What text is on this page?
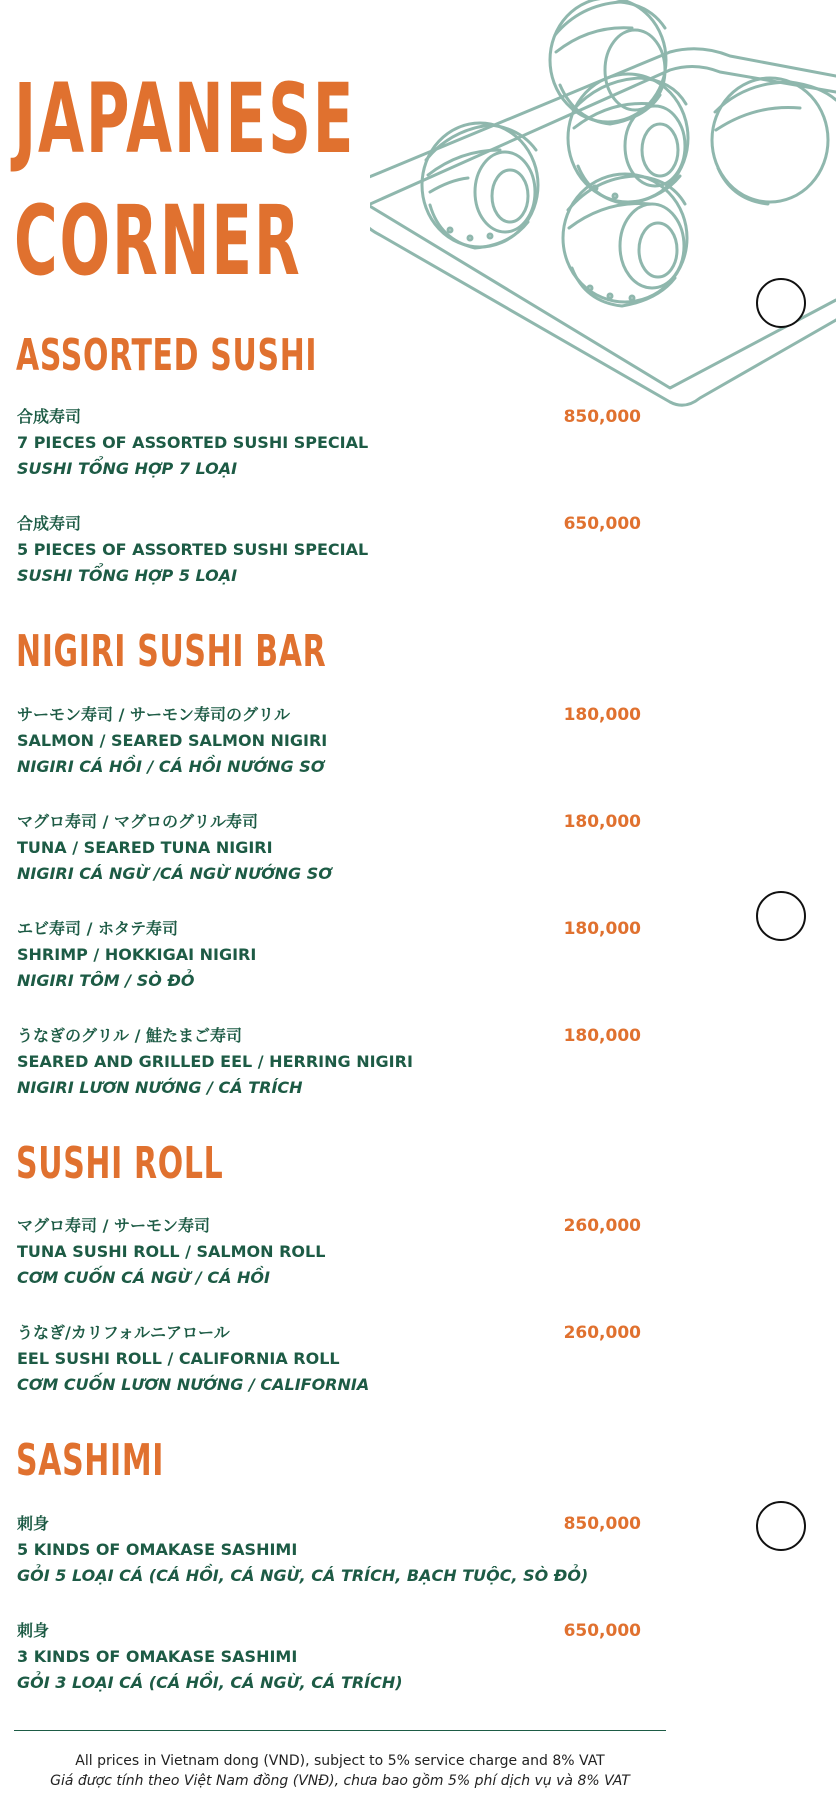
JAPANESE
CORNER
ASSORTED SUSHI
合成寿司
7 PIECES OF ASSORTED SUSHI SPECIAL
SUSHI TỔNG HỢP 7 LOẠI
850,000
合成寿司
5 PIECES OF ASSORTED SUSHI SPECIAL
SUSHI TỔNG HỢP 5 LOẠI
650,000
NIGIRI SUSHI BAR
サーモン寿司 / サーモン寿司のグリル
SALMON / SEARED SALMON NIGIRI
NIGIRI CÁ HỒI / CÁ HỒI NƯỚNG SƠ
180,000
マグロ寿司 / マグロのグリル寿司
TUNA / SEARED TUNA NIGIRI
NIGIRI CÁ NGỪ /CÁ NGỪ NƯỚNG SƠ
180,000
エビ寿司 / ホタテ寿司
SHRIMP / HOKKIGAI NIGIRI
NIGIRI TÔM / SÒ ĐỎ
180,000
うなぎのグリル / 鮭たまご寿司
SEARED AND GRILLED EEL / HERRING NIGIRI
NIGIRI LƯƠN NƯỚNG / CÁ TRÍCH
180,000
SUSHI ROLL
マグロ寿司 / サーモン寿司
TUNA SUSHI ROLL / SALMON ROLL
CƠM CUỐN CÁ NGỪ / CÁ HỒI
260,000
うなぎ/カリフォルニアロール
EEL SUSHI ROLL / CALIFORNIA ROLL
CƠM CUỐN LƯƠN NƯỚNG / CALIFORNIA
260,000
SASHIMI
刺身
5 KINDS OF OMAKASE SASHIMI
GỎI 5 LOẠI CÁ (CÁ HỒI, CÁ NGỪ, CÁ TRÍCH, BẠCH TUỘC, SÒ ĐỎ)
850,000
刺身
3 KINDS OF OMAKASE SASHIMI
GỎI 3 LOẠI CÁ (CÁ HỒI, CÁ NGỪ, CÁ TRÍCH)
650,000
All prices in Vietnam dong (VND), subject to 5% service charge and 8% VAT
Giá được tính theo Việt Nam đồng (VNĐ), chưa bao gồm 5% phí dịch vụ và 8% VAT
